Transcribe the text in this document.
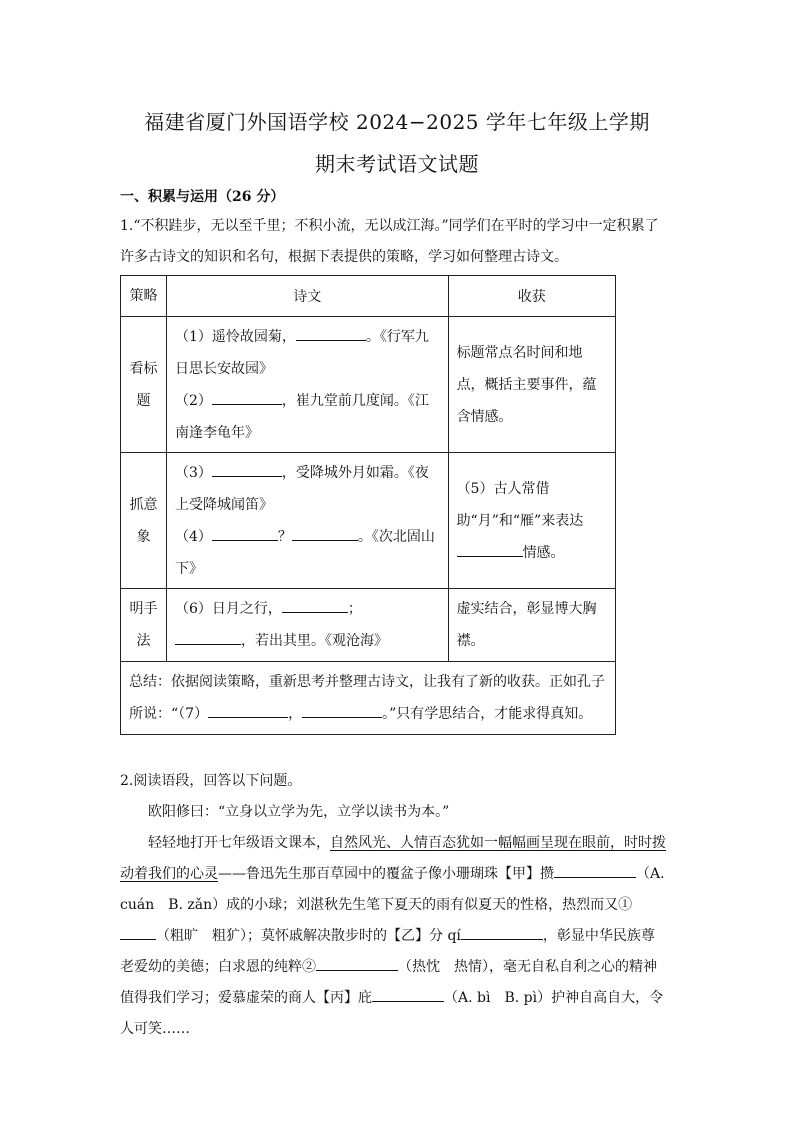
福建省厦门外国语学校 2024−2025 学年七年级上学期
期末考试语文试题
一、积累与运用（26 分）

1.“不积跬步，无以至千里；不积小流，无以成江海。”同学们在平时的学习中一定积累了许多古诗文的知识和名句，根据下表提供的策略，学习如何整理古诗文。

策略	诗文	收获
看标题	（1）遥怜故园菊， 。《行军九日思长安故园》
（2） ，崔九堂前几度闻。《江南逢李龟年》	标题常点名时间和地点，概括主要事件，蕴含情感。
抓意象	（3） ，受降城外月如霜。《夜上受降城闻笛》
（4） ？ 。《次北固山下》	（5）古人常借助“月”和“雁”来表达
情感。
明手法	（6）日月之行， ；
，若出其里。《观沧海》	虚实结合，彰显博大胸襟。
总结：依据阅读策略，重新思考并整理古诗文，让我有了新的收获。正如孔子所说：“（7） ， 。”只有学思结合，才能求得真知。		

2.阅读语段，回答以下问题。

欧阳修曰：“立身以立学为先，立学以读书为本。”

轻轻地打开七年级语文课本，自然风光、人情百态犹如一幅幅画呈现在眼前，时时拨动着我们的心灵——鲁迅先生那百草园中的覆盆子像小珊瑚珠【甲】攒	（A. cuán　B. zǎn）成的小球；刘湛秋先生笔下夏天的雨有似夏天的性格，热烈而又①（粗旷　粗犷）；莫怀戚解决散步时的【乙】分 qí	，彰显中华民族尊老爱幼的美德；白求恩的纯粹②	（热忱　热情），毫无自私自利之心的精神值得我们学习；爱慕虚荣的商人【丙】庇	（A. bì　B. pì）护神自高自大，令人可笑……
